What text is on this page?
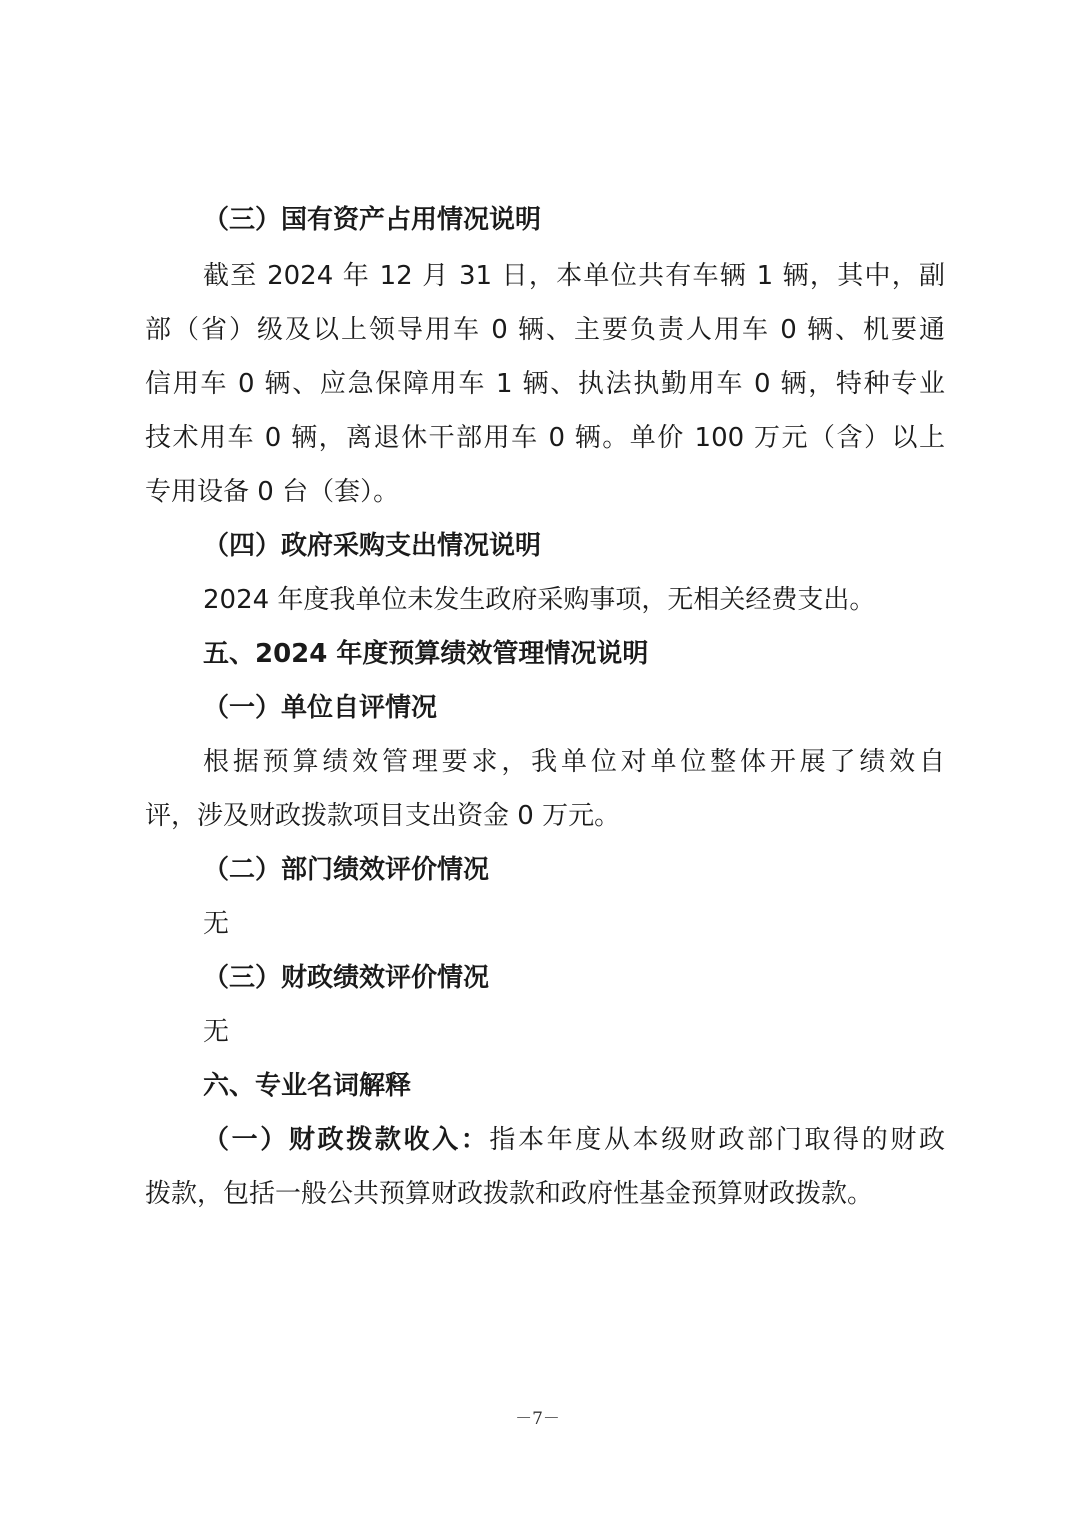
（三）国有资产占用情况说明
截至 2024 年 12 月 31 日，本单位共有车辆 1 辆，其中，副
部（省）级及以上领导用车 0 辆、主要负责人用车 0 辆、机要通
信用车 0 辆、应急保障用车 1 辆、执法执勤用车 0 辆，特种专业
技术用车 0 辆，离退休干部用车 0 辆。单价 100 万元（含）以上
专用设备 0 台（套）。
（四）政府采购支出情况说明
2024 年度我单位未发生政府采购事项，无相关经费支出。
五、2024 年度预算绩效管理情况说明
（一）单位自评情况
根据预算绩效管理要求，我单位对单位整体开展了绩效自
评，涉及财政拨款项目支出资金 0 万元。
（二）部门绩效评价情况
无
（三）财政绩效评价情况
无
六、专业名词解释
（一）财政拨款收入：指本年度从本级财政部门取得的财政
拨款，包括一般公共预算财政拨款和政府性基金预算财政拨款。
－7－
